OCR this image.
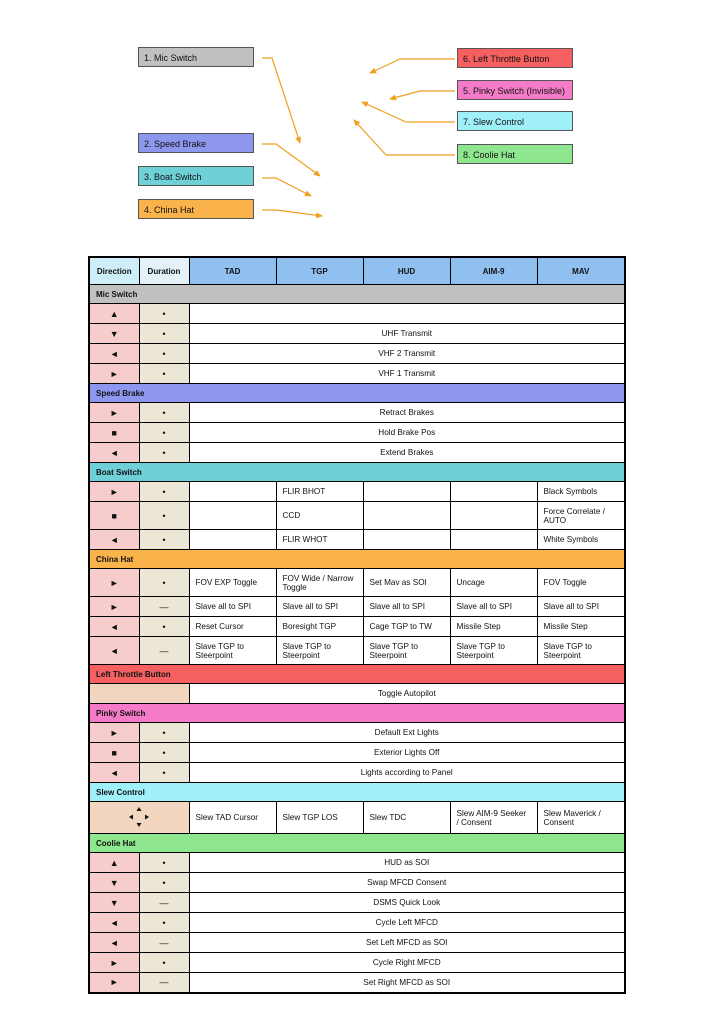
1. Mic Switch
2. Speed Brake
3. Boat Switch
4. China Hat
6. Left Throttle Button
5. Pinky Switch (Invisible)
7. Slew Control
8. Coolie Hat
Direction	Duration	TAD	TGP	HUD	AIM-9	MAV
Mic Switch						
▲	•					
▼	•	UHF Transmit				
◄	•	VHF 2 Transmit				
►	•	VHF 1 Transmit				
Speed Brake						
►	•	Retract Brakes				
■	•	Hold Brake Pos				
◄	•	Extend Brakes				
Boat Switch						
►	•		FLIR BHOT			Black Symbols
■	•		CCD			Force Correlate / AUTO
◄	•		FLIR WHOT			White Symbols
China Hat						
►	•	FOV EXP Toggle	FOV Wide / Narrow Toggle	Set Mav as SOI	Uncage	FOV Toggle
►	—	Slave all to SPI	Slave all to SPI	Slave all to SPI	Slave all to SPI	Slave all to SPI
◄	•	Reset Cursor	Boresight TGP	Cage TGP to TW	Missile Step	Missile Step
◄	—	Slave TGP to Steerpoint	Slave TGP to Steerpoint	Slave TGP to Steerpoint	Slave TGP to Steerpoint	Slave TGP to Steerpoint
Left Throttle Button						
		Toggle Autopilot				
Pinky Switch						
►	•	Default Ext Lights				
■	•	Exterior Lights Off				
◄	•	Lights according to Panel				
Slew Control						
	Slew TAD Cursor	Slew TGP LOS	Slew TDC	Slew AIM-9 Seeker / Consent	Slew Maverick / Consent
Coolie Hat						
▲	•	HUD as SOI				
▼	•	Swap MFCD Consent				
▼	—	DSMS Quick Look				
◄	•	Cycle Left MFCD				
◄	—	Set Left MFCD as SOI				
►	•	Cycle Right MFCD				
►	—	Set Right MFCD as SOI				
